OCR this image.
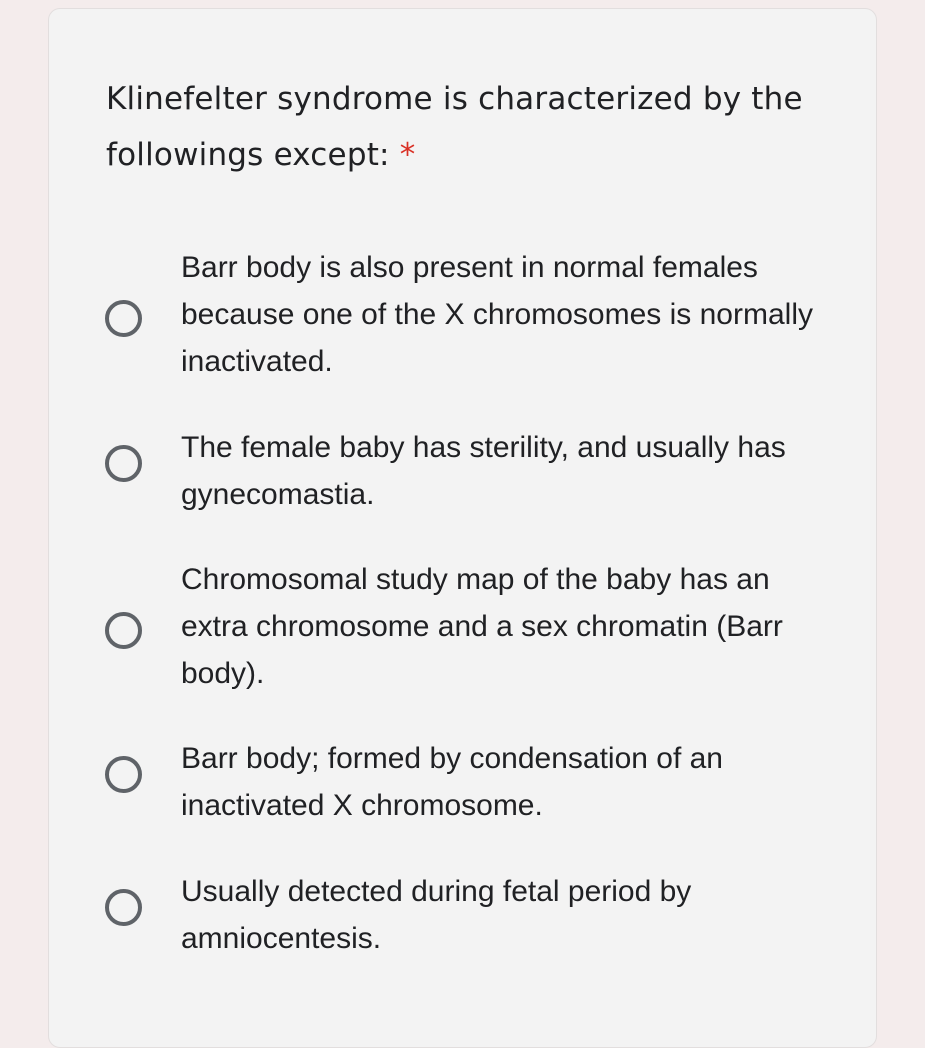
Klinefelter syndrome is characterized by the followings except: *
Barr body is also present in normal females because one of the X chromosomes is normally inactivated.
The female baby has sterility, and usually has gynecomastia.
Chromosomal study map of the baby has an extra chromosome and a sex chromatin (Barr body).
Barr body; formed by condensation of an inactivated X chromosome.
Usually detected during fetal period by amniocentesis.
